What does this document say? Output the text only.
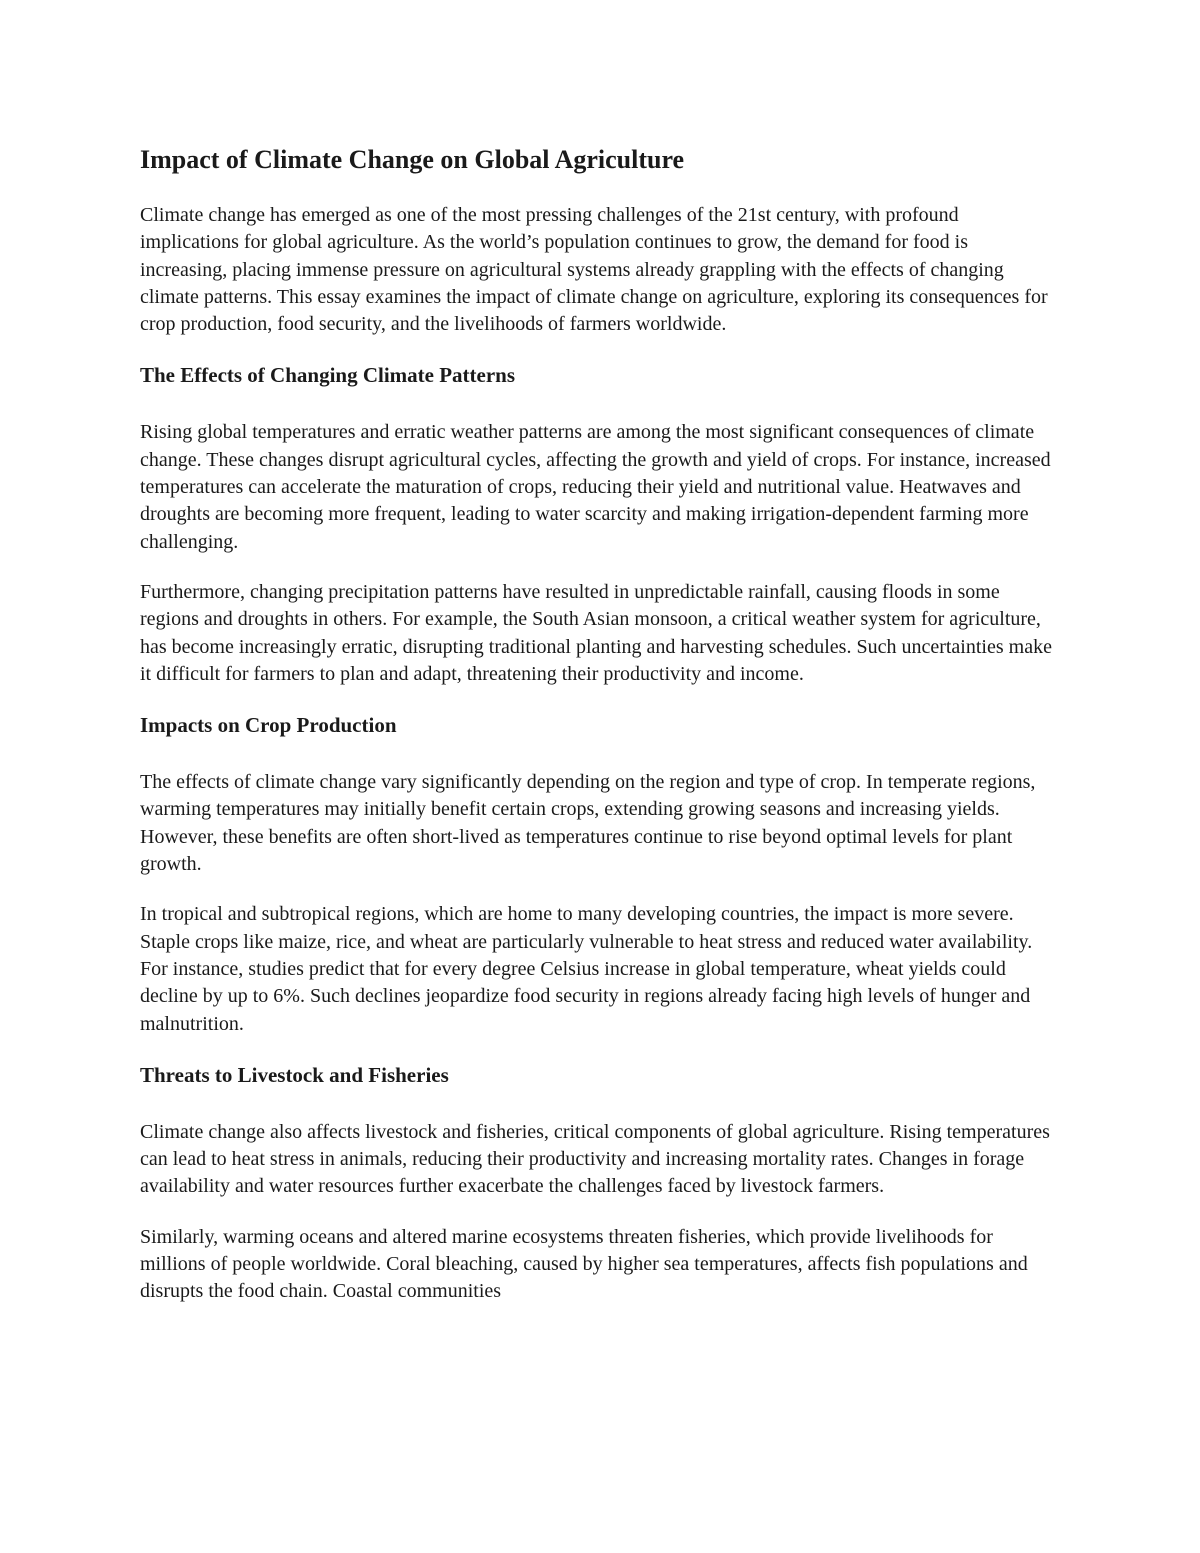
Impact of Climate Change on Global Agriculture

Climate change has emerged as one of the most pressing challenges of the 21st century, with profound implications for global agriculture. As the world’s population continues to grow, the demand for food is increasing, placing immense pressure on agricultural systems already grappling with the effects of changing climate patterns. This essay examines the impact of climate change on agriculture, exploring its consequences for crop production, food security, and the livelihoods of farmers worldwide.

The Effects of Changing Climate Patterns

Rising global temperatures and erratic weather patterns are among the most significant consequences of climate change. These changes disrupt agricultural cycles, affecting the growth and yield of crops. For instance, increased temperatures can accelerate the maturation of crops, reducing their yield and nutritional value. Heatwaves and droughts are becoming more frequent, leading to water scarcity and making irrigation-dependent farming more challenging.

Furthermore, changing precipitation patterns have resulted in unpredictable rainfall, causing floods in some regions and droughts in others. For example, the South Asian monsoon, a critical weather system for agriculture, has become increasingly erratic, disrupting traditional planting and harvesting schedules. Such uncertainties make it difficult for farmers to plan and adapt, threatening their productivity and income.

Impacts on Crop Production

The effects of climate change vary significantly depending on the region and type of crop. In temperate regions, warming temperatures may initially benefit certain crops, extending growing seasons and increasing yields. However, these benefits are often short-lived as temperatures continue to rise beyond optimal levels for plant growth.

In tropical and subtropical regions, which are home to many developing countries, the impact is more severe. Staple crops like maize, rice, and wheat are particularly vulnerable to heat stress and reduced water availability. For instance, studies predict that for every degree Celsius increase in global temperature, wheat yields could decline by up to 6%. Such declines jeopardize food security in regions already facing high levels of hunger and malnutrition.

Threats to Livestock and Fisheries

Climate change also affects livestock and fisheries, critical components of global agriculture. Rising temperatures can lead to heat stress in animals, reducing their productivity and increasing mortality rates. Changes in forage availability and water resources further exacerbate the challenges faced by livestock farmers.

Similarly, warming oceans and altered marine ecosystems threaten fisheries, which provide livelihoods for millions of people worldwide. Coral bleaching, caused by higher sea temperatures, affects fish populations and disrupts the food chain. Coastal communities
